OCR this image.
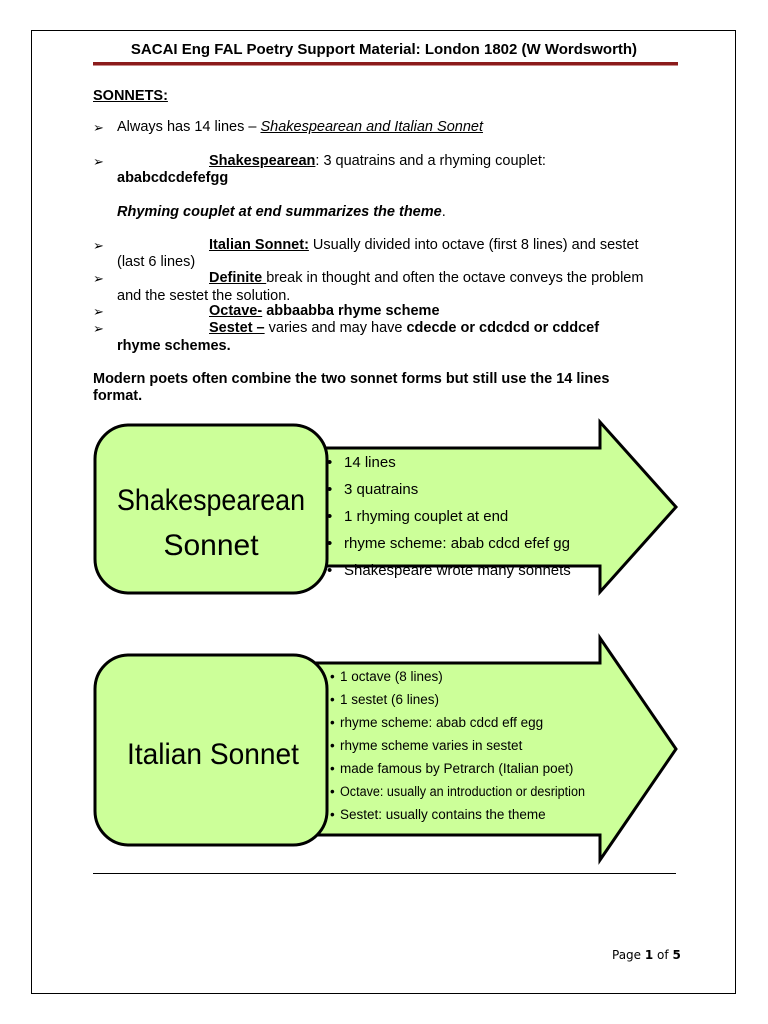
SACAI Eng FAL Poetry Support Material: London 1802 (W Wordsworth)
SONNETS:
➢ Always has 14 lines – Shakespearean and Italian Sonnet
➢	Shakespearean: 3 quatrains and a rhyming couplet:
ababcdcdefefgg
Rhyming couplet at end summarizes the theme.
➢	Italian Sonnet: Usually divided into octave (first 8 lines) and sestet
(last 6 lines)
➢	Definite break in thought and often the octave conveys the problem
and the sestet the solution.
➢	Octave- abbaabba rhyme scheme
➢	Sestet – varies and may have cdecde or cdcdcd or cddcef
rhyme schemes.
Modern poets often combine the two sonnet forms but still use the 14 lines
format.
Shakespearean
Sonnet
• 14 lines
• 3 quatrains
• 1 rhyming couplet at end
• rhyme scheme: abab cdcd efef gg
• Shakespeare wrote many sonnets
Italian Sonnet
• 1 octave (8 lines)
• 1 sestet (6 lines)
• rhyme scheme: abab cdcd eff egg
• rhyme scheme varies in sestet
• made famous by Petrarch (Italian poet)
• Octave: usually an introduction or desription
• Sestet: usually contains the theme
Page 1 of 5
